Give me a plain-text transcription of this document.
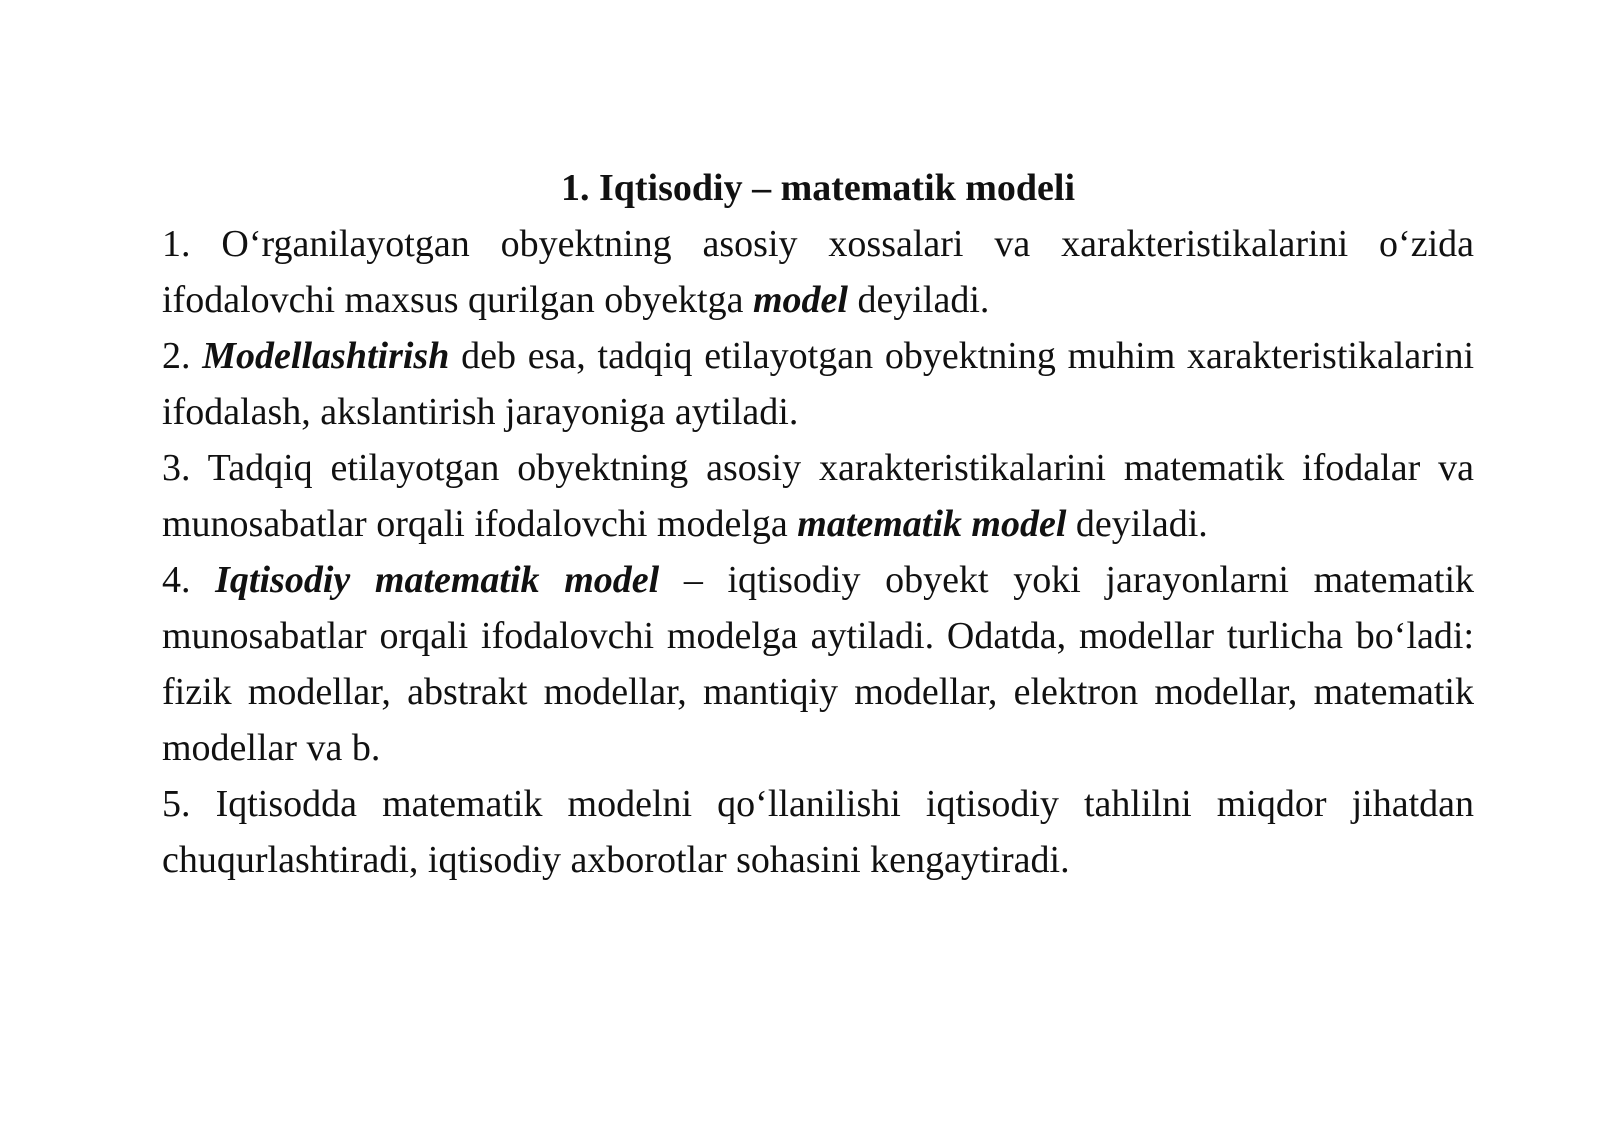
1. Iqtisodiy – matematik modeli

1. O‘rganilayotgan obyektning asosiy xossalari va xarakteristikalarini o‘zida ifodalovchi maxsus qurilgan obyektga model deyiladi.

2. Modellashtirish deb esa, tadqiq etilayotgan obyektning muhim xarakteristikalarini ifodalash, akslantirish jarayoniga aytiladi.

3. Tadqiq etilayotgan obyektning asosiy xarakteristikalarini matematik ifodalar va munosabatlar orqali ifodalovchi modelga matematik model deyiladi.

4. Iqtisodiy matematik model – iqtisodiy obyekt yoki jarayonlarni matematik munosabatlar orqali ifodalovchi modelga aytiladi. Odatda, modellar turlicha bo‘ladi: fizik modellar, abstrakt modellar, mantiqiy modellar, elektron modellar, matematik modellar va b.

5. Iqtisodda matematik modelni qo‘llanilishi iqtisodiy tahlilni miqdor jihatdan chuqurlashtiradi, iqtisodiy axborotlar sohasini kengaytiradi.
